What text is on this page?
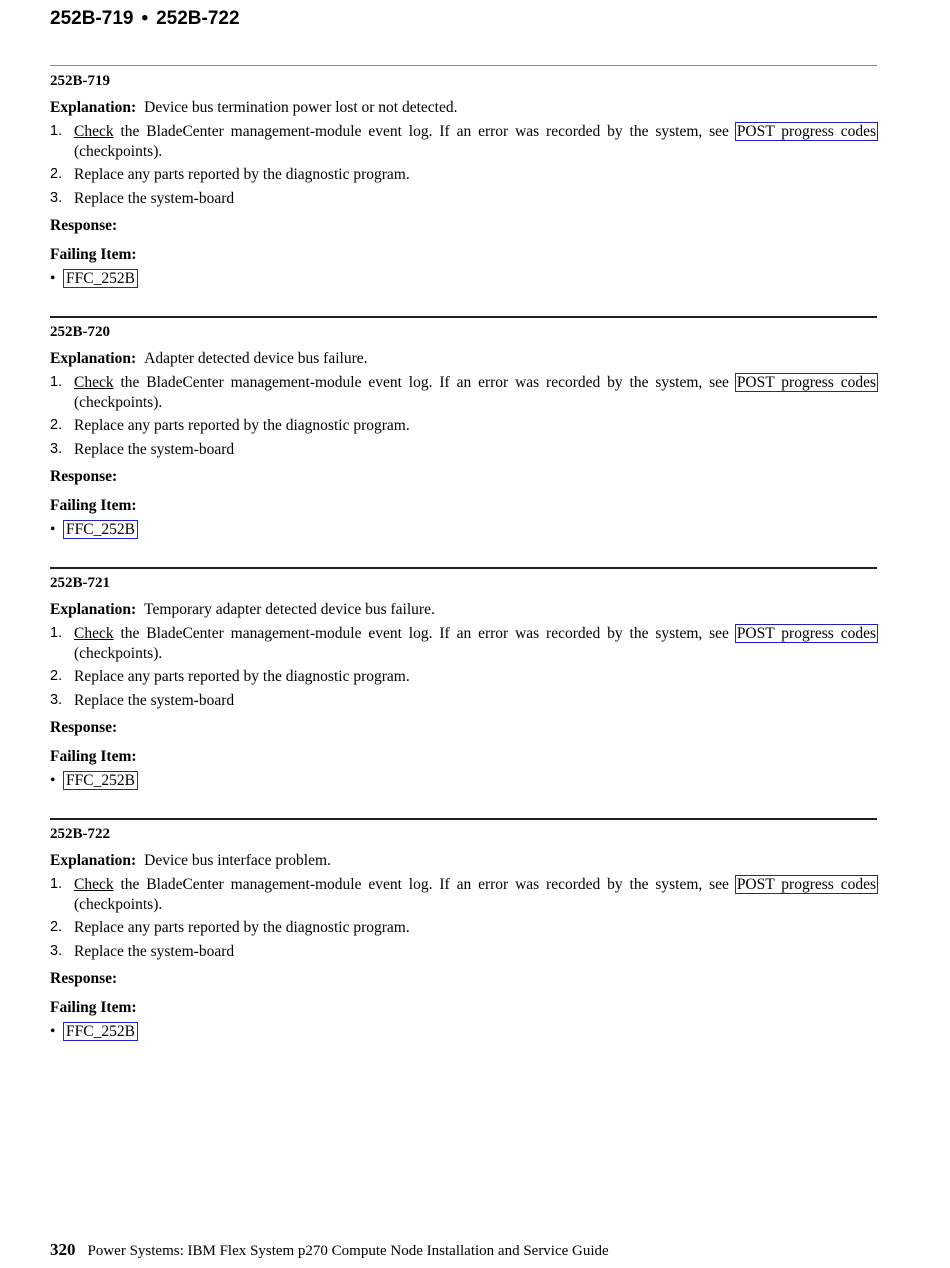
252B-719 • 252B-722
252B-719
Explanation: Device bus termination power lost or not detected.
1. Check the BladeCenter management-module event log. If an error was recorded by the system, see POST progress codes (checkpoints).
2. Replace any parts reported by the diagnostic program.
3. Replace the system-board
Response:
Failing Item:
• FFC_252B
252B-720
Explanation: Adapter detected device bus failure.
1. Check the BladeCenter management-module event log. If an error was recorded by the system, see POST progress codes (checkpoints).
2. Replace any parts reported by the diagnostic program.
3. Replace the system-board
Response:
Failing Item:
• FFC_252B
252B-721
Explanation: Temporary adapter detected device bus failure.
1. Check the BladeCenter management-module event log. If an error was recorded by the system, see POST progress codes (checkpoints).
2. Replace any parts reported by the diagnostic program.
3. Replace the system-board
Response:
Failing Item:
• FFC_252B
252B-722
Explanation: Device bus interface problem.
1. Check the BladeCenter management-module event log. If an error was recorded by the system, see POST progress codes (checkpoints).
2. Replace any parts reported by the diagnostic program.
3. Replace the system-board
Response:
Failing Item:
• FFC_252B
320 Power Systems: IBM Flex System p270 Compute Node Installation and Service Guide
